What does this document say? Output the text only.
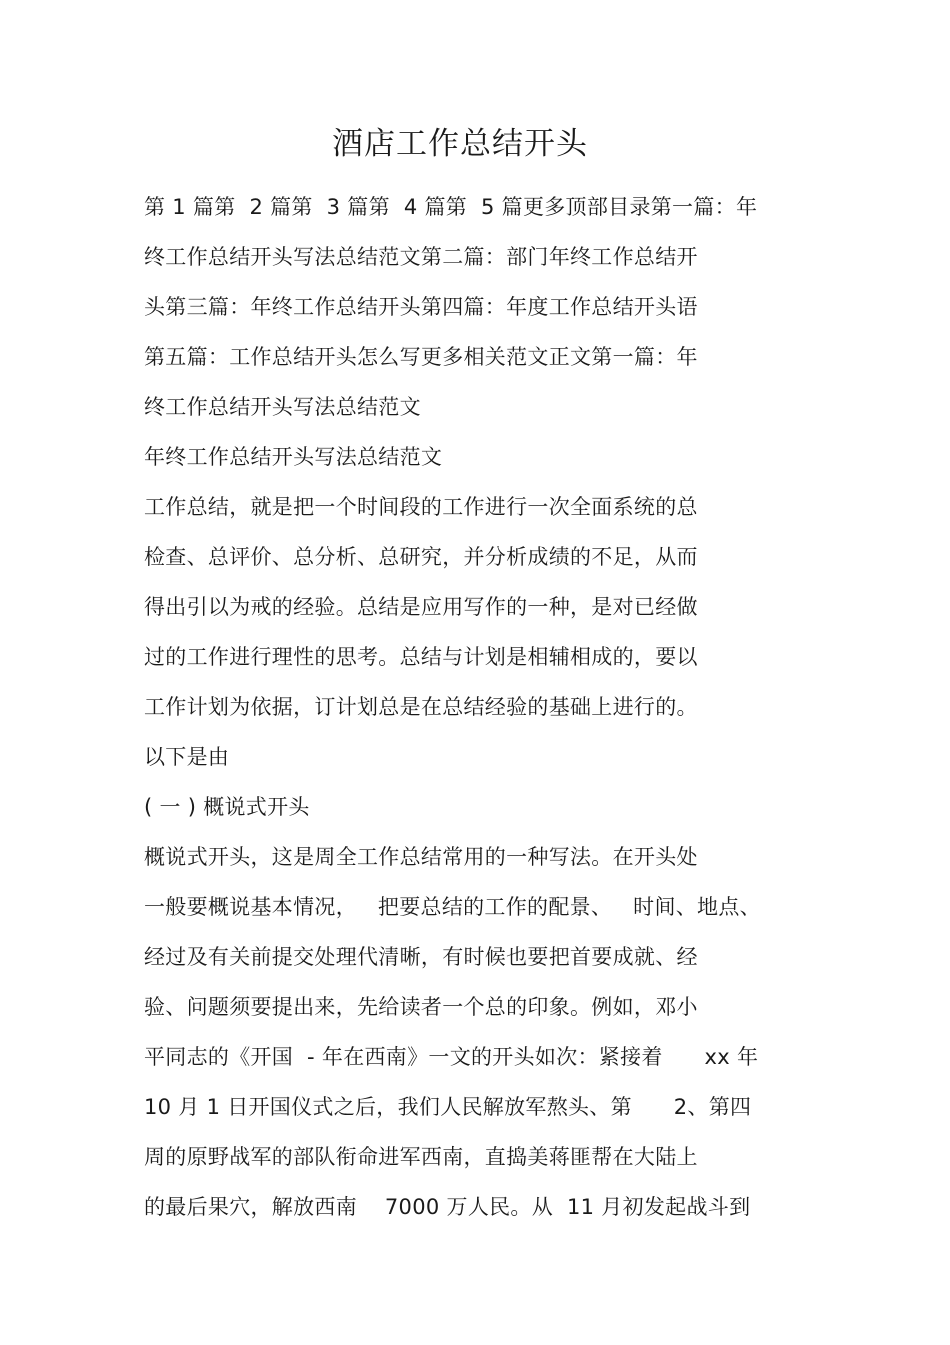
酒店工作总结开头
第 1 篇第  2 篇第  3 篇第  4 篇第  5 篇更多顶部目录第一篇：年
终工作总结开头写法总结范文第二篇：部门年终工作总结开
头第三篇：年终工作总结开头第四篇：年度工作总结开头语
第五篇：工作总结开头怎么写更多相关范文正文第一篇：年
终工作总结开头写法总结范文
年终工作总结开头写法总结范文
工作总结，就是把一个时间段的工作进行一次全面系统的总
检查、总评价、总分析、总研究，并分析成绩的不足，从而
得出引以为戒的经验。总结是应用写作的一种，是对已经做
过的工作进行理性的思考。总结与计划是相辅相成的，要以
工作计划为依据，订计划总是在总结经验的基础上进行的。
以下是由
( 一 ) 概说式开头
概说式开头，这是周全工作总结常用的一种写法。在开头处
一般要概说基本情况，   把要总结的工作的配景、   时间、地点、
经过及有关前提交处理代清晰，有时候也要把首要成就、经
验、问题须要提出来，先给读者一个总的印象。例如，邓小
平同志的《开国  - 年在西南》一文的开头如次：紧接着      xx 年
10 月 1 日开国仪式之后，我们人民解放军熬头、第      2、第四
周的原野战军的部队衔命进军西南，直捣美蒋匪帮在大陆上
的最后果穴，解放西南    7000 万人民。从  11 月初发起战斗到
